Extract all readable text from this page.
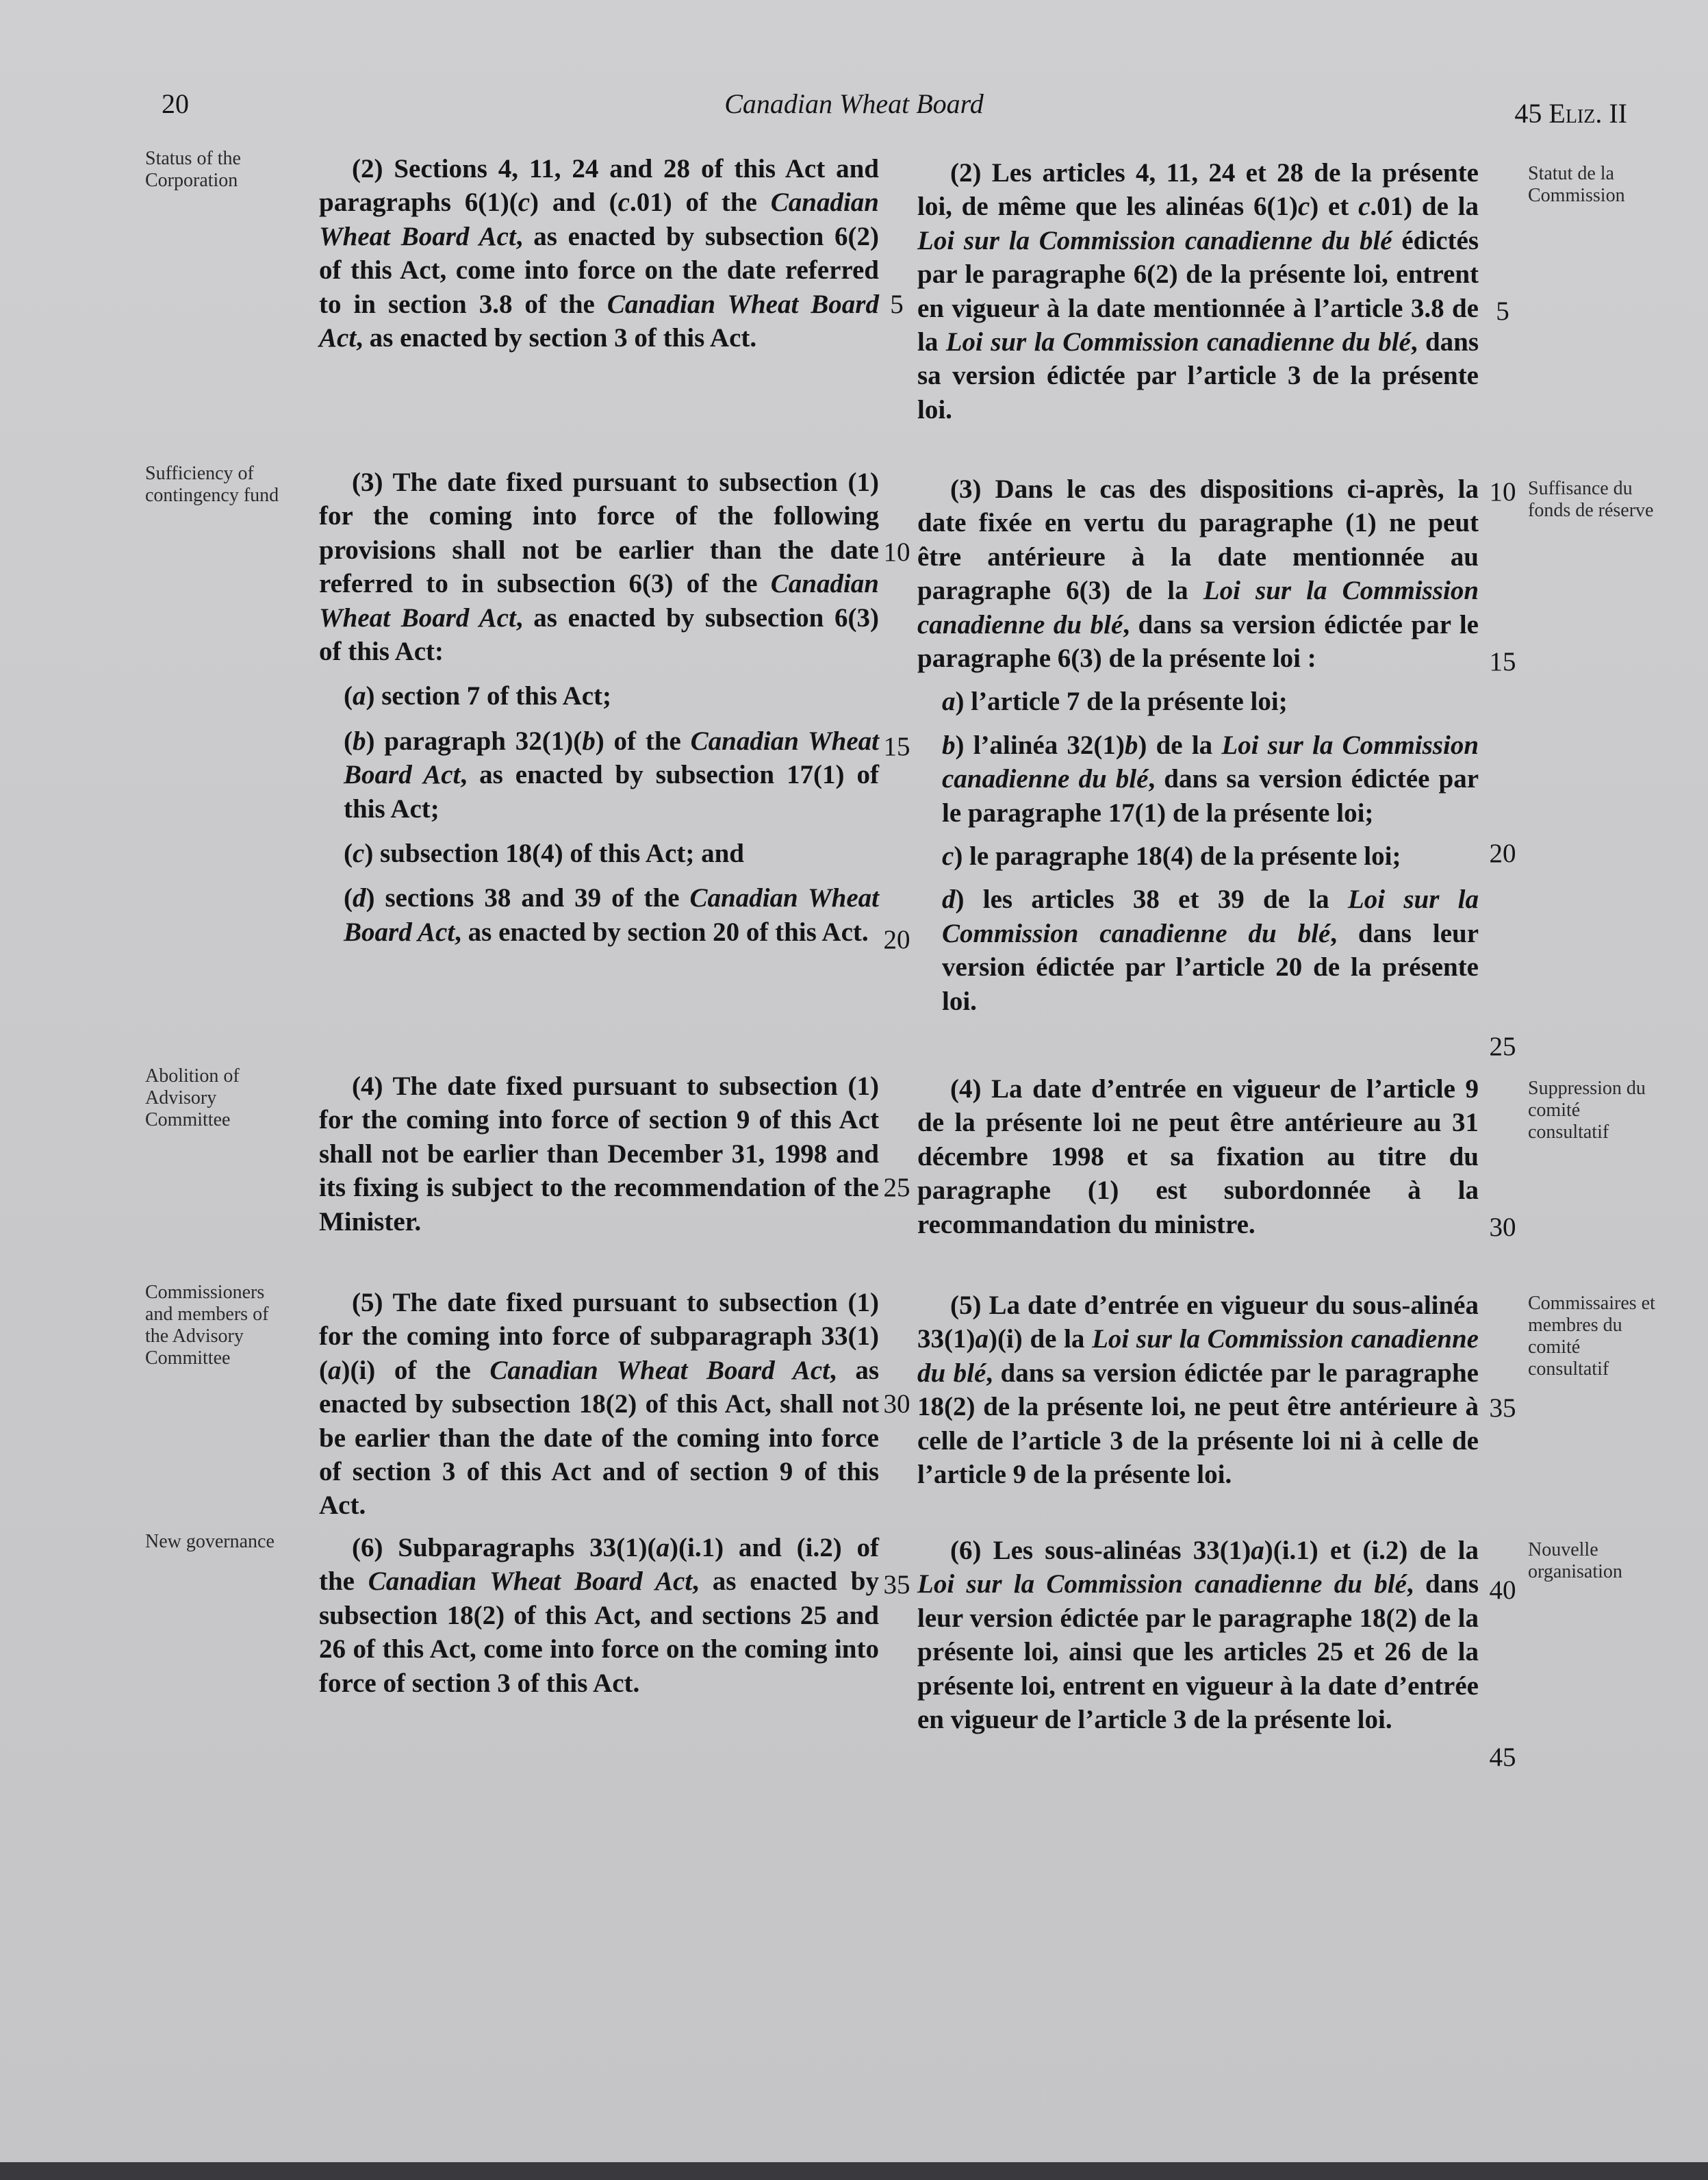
20	Canadian Wheat Board	45 Eliz. II
Status of the Corporation
Sufficiency of contingency fund
Abolition of Advisory Committee
Commissioners and members of the Advisory Committee
New governance
Statut de la Commission
Suffisance du fonds de réserve
Suppression du comité consultatif
Commissaires et membres du comité consultatif
Nouvelle organisation

(2) Sections 4, 11, 24 and 28 of this Act and paragraphs 6(1)(c) and (c.01) of the Canadian Wheat Board Act, as enacted by subsection 6(2) of this Act, come into force on the date referred to in section 3.8 of the Canadian Wheat Board Act, as enacted by section 3 of this Act.

(3) The date fixed pursuant to subsection (1) for the coming into force of the following provisions shall not be earlier than the date referred to in subsection 6(3) of the Canadian Wheat Board Act, as enacted by subsection 6(3) of this Act:

(a) section 7 of this Act;

(b) paragraph 32(1)(b) of the Canadian Wheat Board Act, as enacted by subsection 17(1) of this Act;

(c) subsection 18(4) of this Act; and

(d) sections 38 and 39 of the Canadian Wheat Board Act, as enacted by section 20 of this Act.

(4) The date fixed pursuant to subsection (1) for the coming into force of section 9 of this Act shall not be earlier than December 31, 1998 and its fixing is subject to the recommendation of the Minister.

(5) The date fixed pursuant to subsection (1) for the coming into force of subparagraph 33(1)(a)(i) of the Canadian Wheat Board Act, as enacted by subsection 18(2) of this Act, shall not be earlier than the date of the coming into force of section 3 of this Act and of section 9 of this Act.

(6) Subparagraphs 33(1)(a)(i.1) and (i.2) of the Canadian Wheat Board Act, as enacted by subsection 18(2) of this Act, and sections 25 and 26 of this Act, come into force on the coming into force of section 3 of this Act.

5
10
15
20
25
30
35

(2) Les articles 4, 11, 24 et 28 de la présente loi, de même que les alinéas 6(1)c) et c.01) de la Loi sur la Commission canadienne du blé édictés par le paragraphe 6(2) de la présente loi, entrent en vigueur à la date mentionnée à l’article 3.8 de la Loi sur la Commission canadienne du blé, dans sa version édictée par l’article 3 de la présente loi.

(3) Dans le cas des dispositions ci-après, la date fixée en vertu du paragraphe (1) ne peut être antérieure à la date mentionnée au paragraphe 6(3) de la Loi sur la Commission canadienne du blé, dans sa version édictée par le paragraphe 6(3) de la présente loi :

a) l’article 7 de la présente loi;

b) l’alinéa 32(1)b) de la Loi sur la Commission canadienne du blé, dans sa version édictée par le paragraphe 17(1) de la présente loi;

c) le paragraphe 18(4) de la présente loi;

d) les articles 38 et 39 de la Loi sur la Commission canadienne du blé, dans leur version édictée par l’article 20 de la présente loi.

(4) La date d’entrée en vigueur de l’article 9 de la présente loi ne peut être antérieure au 31 décembre 1998 et sa fixation au titre du paragraphe (1) est subordonnée à la recommandation du ministre.

(5) La date d’entrée en vigueur du sous-alinéa 33(1)a)(i) de la Loi sur la Commission canadienne du blé, dans sa version édictée par le paragraphe 18(2) de la présente loi, ne peut être antérieure à celle de l’article 3 de la présente loi ni à celle de l’article 9 de la présente loi.

(6) Les sous-alinéas 33(1)a)(i.1) et (i.2) de la Loi sur la Commission canadienne du blé, dans leur version édictée par le paragraphe 18(2) de la présente loi, ainsi que les articles 25 et 26 de la présente loi, entrent en vigueur à la date d’entrée en vigueur de l’article 3 de la présente loi.

5
10
15
20
25
30
35
40
45
